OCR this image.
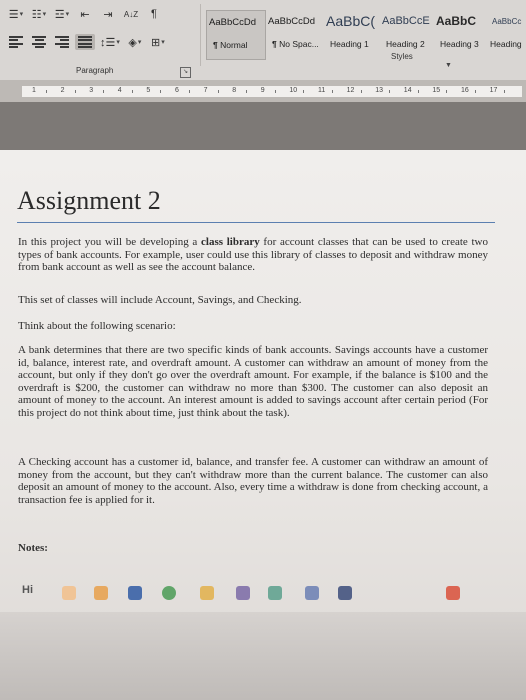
☰ ▾ ☷ ▾ ☲ ▾ ⇤ ⇥ A↓Z ¶
↕☰ ▾ ◈ ▾ ⊞ ▾
Paragraph	↘
AaBbCcDd
¶ Normal
AaBbCcDd
¶ No Spac...
AaBbC(
Heading 1
AaBbCcE
Heading 2
AaBbC
Heading 3
AaBbCc
Heading
Styles
▼
1	2	3	4	5	6	7	8	9	10	11	12	13	14	15	16	17
Assignment 2
In this project you will be developing a class library for account classes that can be used to create two types of bank accounts. For example, user could use this library of classes to deposit and withdraw money from bank account as well as see the account balance.
This set of classes will include Account, Savings, and Checking.
Think about the following scenario:
A bank determines that there are two specific kinds of bank accounts. Savings accounts have a customer id, balance, interest rate, and overdraft amount. A customer can withdraw an amount of money from the account, but only if they don't go over the overdraft amount. For example, if the balance is $100 and the overdraft is $200, the customer can withdraw no more than $300. The customer can also deposit an amount of money to the account. An interest amount is added to savings account after certain period (For this project do not think about time, just think about the task).
A Checking account has a customer id, balance, and transfer fee. A customer can withdraw an amount of money from the account, but they can't withdraw more than the current balance. The customer can also deposit an amount of money to the account. Also, every time a withdraw is done from checking account, a transaction fee is applied for it.
Notes:
Hi
